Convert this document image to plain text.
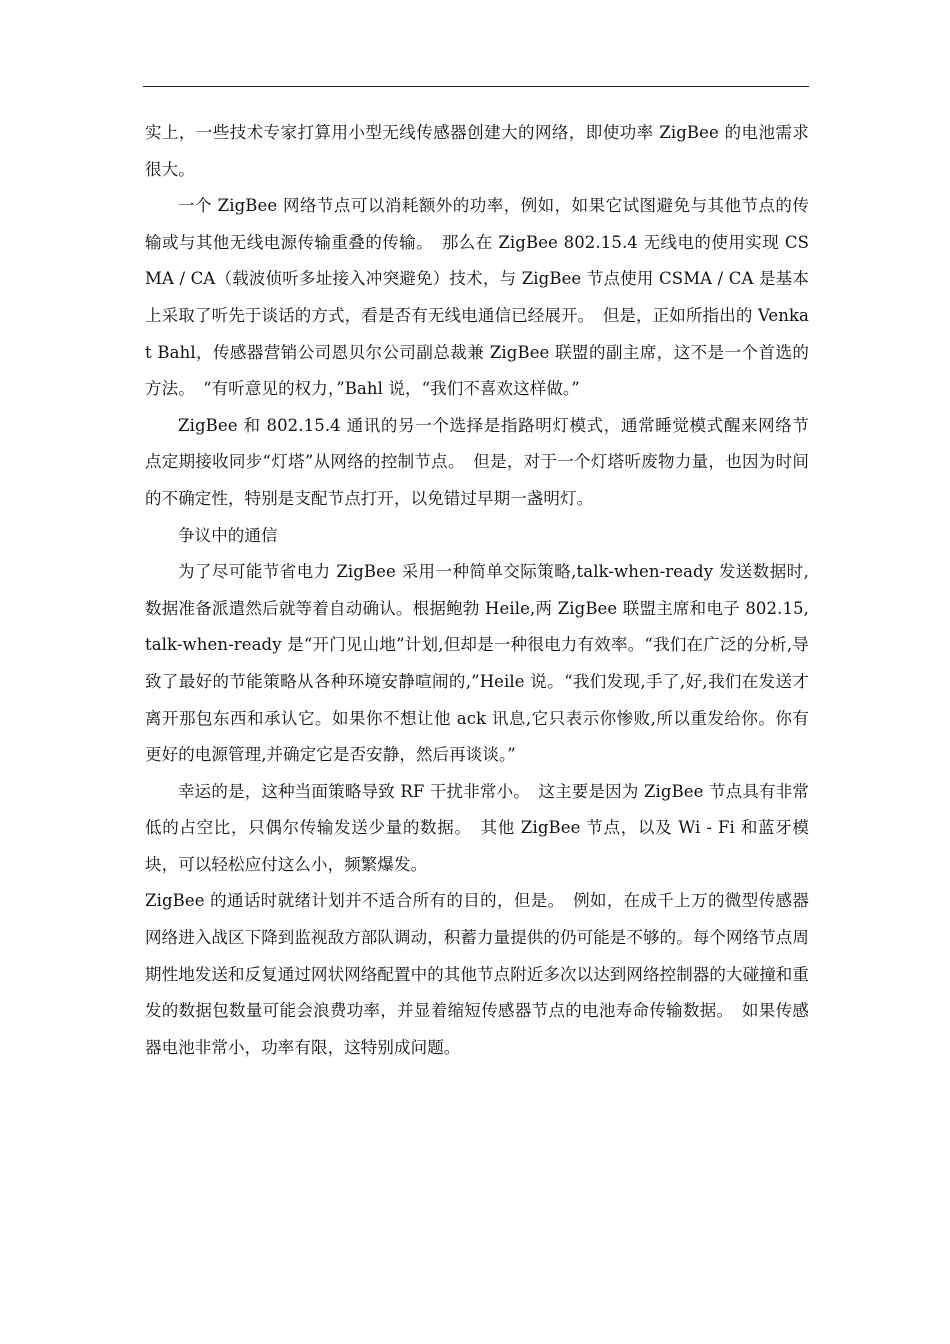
实上，一些技术专家打算用小型无线传感器创建大的网络，即使功率 ZigBee 的电池需求很大。

一个 ZigBee 网络节点可以消耗额外的功率，例如，如果它试图避免与其他节点的传输或与其他无线电源传输重叠的传输。　那么在 ZigBee 802.15.4 无线电的使用实现 CSMA / CA（载波侦听多址接入冲突避免）技术，与 ZigBee 节点使用 CSMA / CA 是基本上采取了听先于谈话的方式，看是否有无线电通信已经展开。　但是，正如所指出的 Venkat Bahl，传感器营销公司恩贝尔公司副总裁兼 ZigBee 联盟的副主席，这不是一个首选的方法。　“有听意见的权力，”Bahl 说，“我们不喜欢这样做。”

ZigBee 和 802.15.4 通讯的另一个选择是指路明灯模式，通常睡觉模式醒来网络节点定期接收同步“灯塔”从网络的控制节点。　但是，对于一个灯塔听废物力量，也因为时间的不确定性，特别是支配节点打开，以免错过早期一盏明灯。

争议中的通信

为了尽可能节省电力 ZigBee 采用一种简单交际策略,talk-when-ready 发送数据时,数据准备派遣然后就等着自动确认。根据鲍勃 Heile,两 ZigBee 联盟主席和电子 802.15,talk-when-ready 是“开门见山地”计划,但却是一种很电力有效率。“我们在广泛的分析,导致了最好的节能策略从各种环境安静喧闹的,”Heile 说。“我们发现,手了,好,我们在发送才离开那包东西和承认它。如果你不想让他 ack 讯息,它只表示你惨败,所以重发给你。你有更好的电源管理,并确定它是否安静，然后再谈谈。”

幸运的是，这种当面策略导致 RF 干扰非常小。　这主要是因为 ZigBee 节点具有非常低的占空比，只偶尔传输发送少量的数据。　其他 ZigBee 节点，以及 Wi - Fi 和蓝牙模块，可以轻松应付这么小，频繁爆发。

ZigBee 的通话时就绪计划并不适合所有的目的，但是。　例如，在成千上万的微型传感器网络进入战区下降到监视敌方部队调动，积蓄力量提供的仍可能是不够的。每个网络节点周期性地发送和反复通过网状网络配置中的其他节点附近多次以达到网络控制器的大碰撞和重发的数据包数量可能会浪费功率，并显着缩短传感器节点的电池寿命传输数据。　如果传感器电池非常小，功率有限，这特别成问题。
